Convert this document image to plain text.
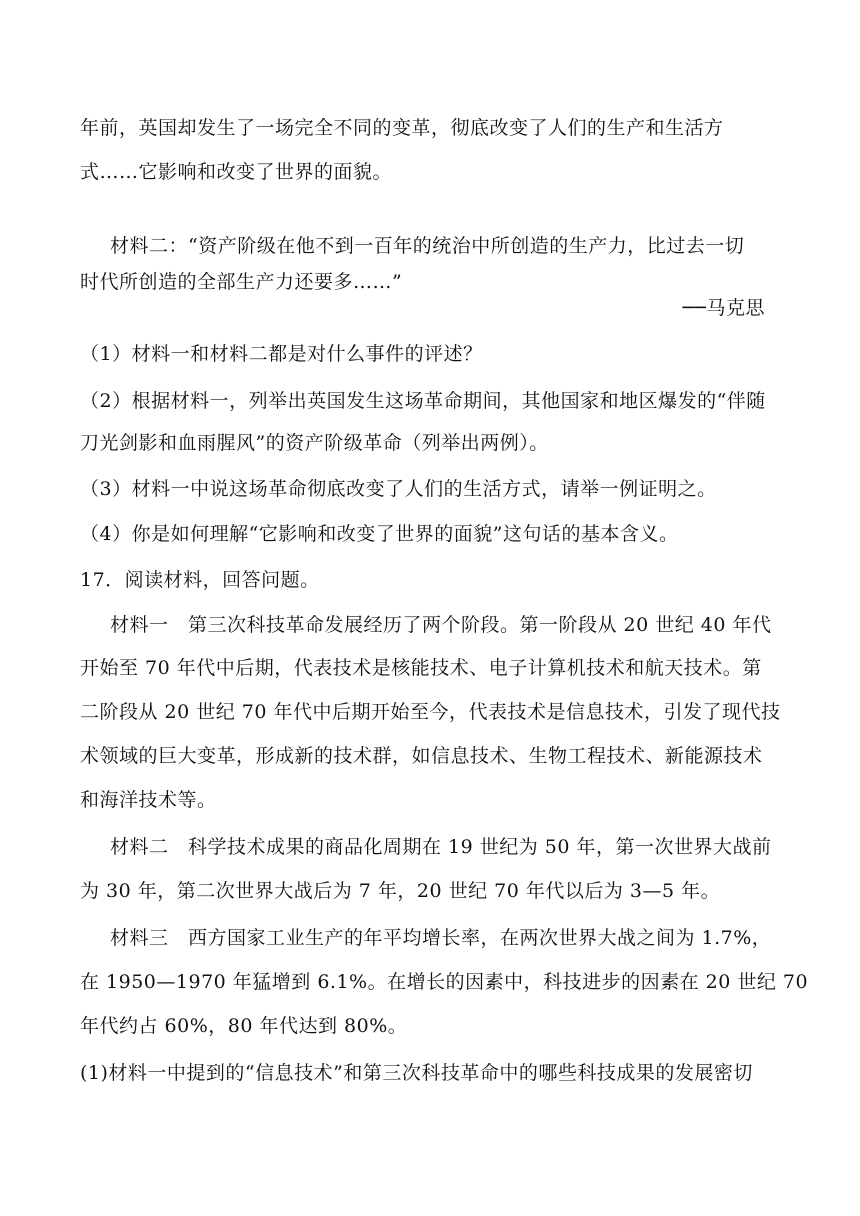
年前，英国却发生了一场完全不同的变革，彻底改变了人们的生产和生活方
式……它影响和改变了世界的面貌。
材料二：“资产阶级在他不到一百年的统治中所创造的生产力，比过去一切
时代所创造的全部生产力还要多……”
──马克思
（1）材料一和材料二都是对什么事件的评述？
（2）根据材料一，列举出英国发生这场革命期间，其他国家和地区爆发的“伴随
刀光剑影和血雨腥风”的资产阶级革命（列举出两例）。
（3）材料一中说这场革命彻底改变了人们的生活方式，请举一例证明之。
（4）你是如何理解“它影响和改变了世界的面貌”这句话的基本含义。
17．阅读材料，回答问题。
材料一　第三次科技革命发展经历了两个阶段。第一阶段从 20 世纪 40 年代
开始至 70 年代中后期，代表技术是核能技术、电子计算机技术和航天技术。第
二阶段从 20 世纪 70 年代中后期开始至今，代表技术是信息技术，引发了现代技
术领域的巨大变革，形成新的技术群，如信息技术、生物工程技术、新能源技术
和海洋技术等。
材料二　科学技术成果的商品化周期在 19 世纪为 50 年，第一次世界大战前
为 30 年，第二次世界大战后为 7 年，20 世纪 70 年代以后为 3—5 年。
材料三　西方国家工业生产的年平均增长率，在两次世界大战之间为 1.7%，
在 1950—1970 年猛增到 6.1%。在增长的因素中，科技进步的因素在 20 世纪 70
年代约占 60%，80 年代达到 80%。
(1)材料一中提到的“信息技术”和第三次科技革命中的哪些科技成果的发展密切
